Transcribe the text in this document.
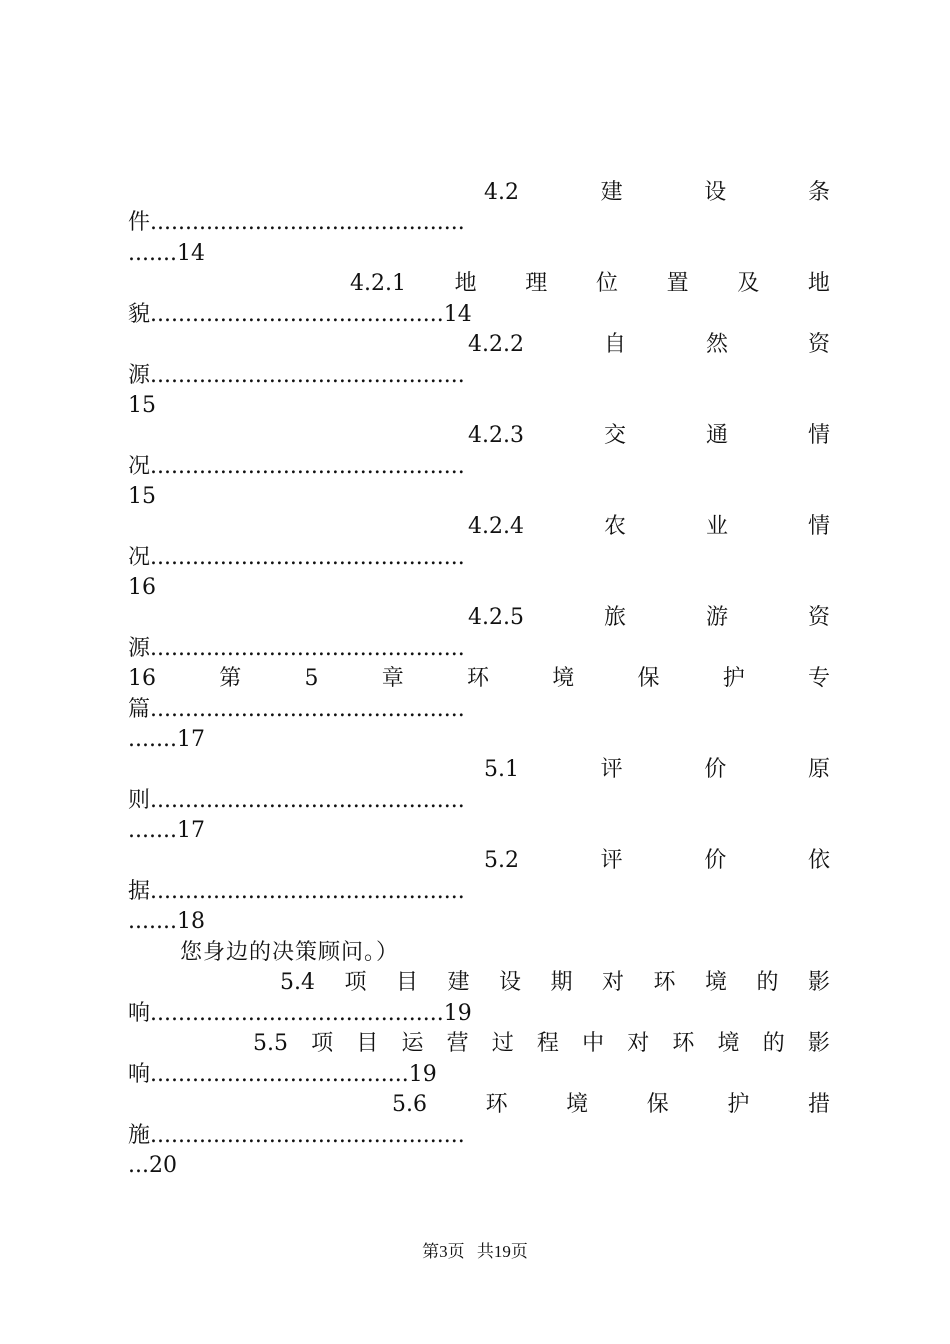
4.2	建	设	条
件.............................................
.......14
4.2.1 地 理 位 置 及 地
貌..........................................14
4.2.2	自	然	资
源.............................................
15
4.2.3	交	通	情
况.............................................
15
4.2.4	农	业	情
况.............................................
16
4.2.5	旅	游	资
源.............................................
16	第	5	章	环	境	保	护	专
篇.............................................
.......17
5.1	评	价	原
则.............................................
.......17
5.2	评	价	依
据.............................................
.......18
您身边的决策顾问。）
5.4 项 目 建 设 期 对 环 境 的 影
响..........................................19
5.5 项 目 运 营 过 程 中 对 环 境 的 影
响.....................................19
5.6	环	境	保	护	措
施.............................................
...20
第3页 共19页
